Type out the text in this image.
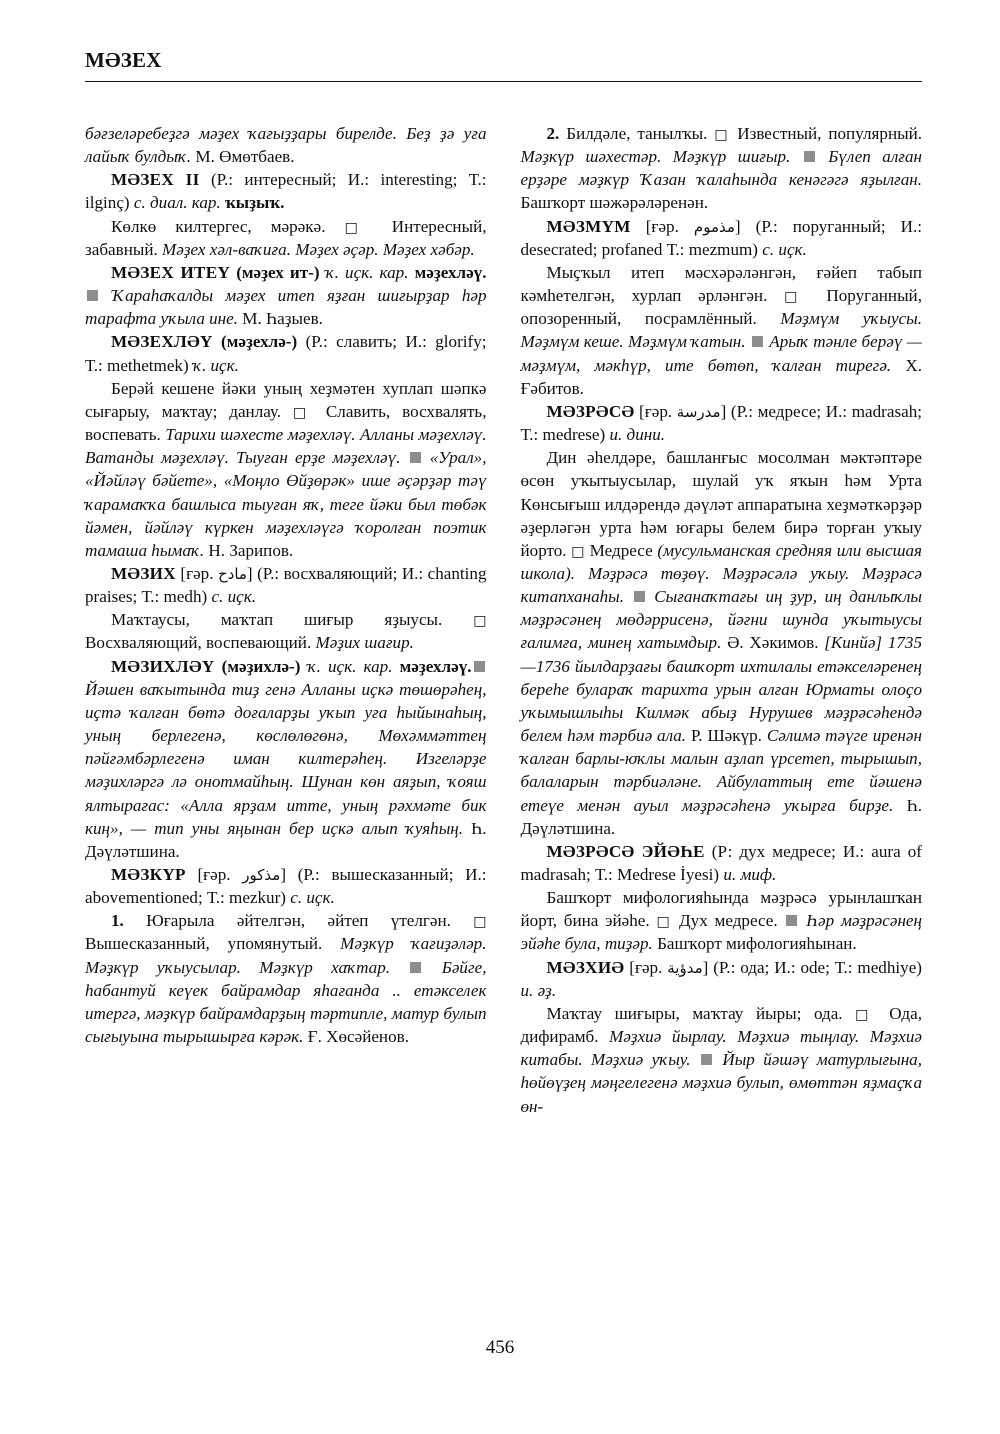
МӘЗЕХ

бәғзеләребеҙгә мәҙех ҡағыҙҙары бирелде. Беҙ ҙә уға лайыҡ булдыҡ. М. Өмөтбаев.

МӘЗЕХ II (Р.: интересный; И.: interesting; Т.: ilginç) с. диал. кар. ҡыҙыҡ.

Көлкө килтергес, мәрәкә. □ Интересный, забавный. Мәҙех хәл-ваҡиға. Мәҙех әҫәр. Мәҙех хәбәр.

МӘЗЕХ ИТЕҮ (мәҙех ит-) ҡ. иҫк. кар. мәҙехләү. Ҡараһаҡалды мәҙех итеп яҙған шиғырҙар һәр тарафта уҡыла ине. М. Һаҙыев.

МӘЗЕХЛӘҮ (мәҙехлә-) (Р.: славить; И.: glorify; Т.: methetmek) ҡ. иҫк.

Берәй кешене йәки уның хеҙмәтен хуплап шәпкә сығарыу, маҡтау; данлау. □ Славить, восхвалять, воспевать. Тарихи шәхесте мәҙехләү. Алланы мәҙехләү. Ватанды мәҙехләү. Тыуған ерҙе мәҙехләү.  «Урал», «Йәйләү бәйете», «Моңло Өйҙөрәк» ише әҫәрҙәр тәү ҡарамаҡҡа башлыса тыуған яҡ, теге йәки был төбәк йәмен, йәйләү күркен мәҙехләүгә ҡоролған поэтик тамаша һымаҡ. Н. Зарипов.

МӘЗИХ [ғәр. مادح] (Р.: восхваляющий; И.: chanting praises; Т.: medh) с. иҫк.

Маҡтаусы, маҡтап шиғыр яҙыусы. □ Восхваляющий, воспевающий. Мәҙих шағир.

МӘЗИХЛӘҮ (мәҙихлә-) ҡ. иҫк. кар. мәҙехләү. Йәшен ваҡытында тиҙ генә Алланы иҫкә төшөрәһең, иҫтә ҡалған бөтә доғаларҙы уҡып уға һыйынаһың, уның берлегенә, көслөлөгөнә, Мөхәммәттең пәйғәмбәрлегенә иман килтерәһең. Изгеләрҙе мәҙихләргә лә онотмайһың. Шунан көн аяҙып, ҡояш ялтырағас: «Алла ярҙам итте, уның рәхмәте бик киң», — тип уны яңынан бер иҫкә алып ҡуяһың. Һ. Дәүләтшина.

МӘЗКҮР [ғәр. مذكور] (Р.: вышесказанный; И.: abovementioned; Т.: mezkur) с. иҫк.

1. Юғарыла әйтелгән, әйтеп үтелгән. □ Вышесказанный, упомянутый. Мәҙкүр ҡағиҙәләр. Мәҙкүр уҡыусылар. Мәҙкүр хаҡтар.  Бәйге, һабантуй кеүек байрамдар яһағанда .. етәкселек итергә, мәҙкүр байрамдарҙың тәртипле, матур булып сығыуына тырышырға кәрәк. Ғ. Хөсәйенов.

2. Билдәле, танылҡы. □ Известный, популярный. Мәҙкүр шәхестәр. Мәҙкүр шиғыр.  Бүлеп алған ерҙәре мәҙкүр Ҡазан ҡалаһында кенәгәгә яҙылған. Башҡорт шәжәрәләренән.

МӘЗМҮМ [ғәр. مذموم] (Р.: поруганный; И.: desecrated; profaned Т.: mezmum) с. иҫк.

Мыҫҡыл итеп мәсхәрәләнгән, ғәйеп табып кәмһетелгән, хурлап әрләнгән. □ Поруганный, опозоренный, посрамлённый. Мәҙмүм уҡыусы. Мәҙмүм кеше. Мәҙмүм ҡатын.  Арыҡ тәнле берәү — мәҙмүм, мәкһүр, ите бөтөп, ҡалған тирегә. Х. Ғәбитов.

МӘЗРӘСӘ [ғәр. مدرسة] (Р.: медресе; И.: madrasah; Т.: medrese) и. дини.

Дин әһелдәре, башланғыс мосолман мәктәптәре өсөн уҡытыусылар, шулай уҡ яҡын һәм Урта Көнсығыш илдәрендә дәүләт аппаратына хеҙмәткәрҙәр әҙерләгән урта һәм юғары белем бирә торған уҡыу йорто. □ Медресе (мусульманская средняя или высшая школа). Мәҙрәсә төҙөү. Мәҙрәсәлә уҡыу. Мәҙрәсә китапханаһы.  Сығанаҡтағы иң ҙур, иң данлыҡлы мәҙрәсәнең мөдәррисенә, йәғни шунда уҡытыусы ғалимға, минең хатымдыр. Ә. Хәкимов. [Кинйә] 1735—1736 йылдарҙағы башҡорт ихтилалы етәкселәренең береһе булараҡ тарихта урын алған Юрматы олоҫо уҡымышлыһы Килмәк абыҙ Нурушев мәҙрәсәһендә белем һәм тәрбиә ала. Р. Шәкүр. Сәлимә тәүге иренән ҡалған барлы-юҡлы малын аҙлап үрсетеп, тырышып, балаларын тәрбиәләне. Айбулаттың ете йәшенә етеүе менән ауыл мәҙрәсәһенә уҡырға бирҙе. Һ. Дәүләтшина.

МӘЗРӘСӘ ЭЙӘҺЕ (Р: дух медресе; И.: aura of madrasah; Т.: Medrese İyesi) и. миф.

Башҡорт мифологияһында мәҙрәсә урынлашҡан йорт, бина эйәһе. □ Дух медресе.  Һәр мәҙрәсәнең эйәһе була, тиҙәр. Башҡорт мифологияһынан.

МӘЗХИӘ [ғәр. مدؤية] (Р.: ода; И.: ode; Т.: medhiye) и. әҙ.

Маҡтау шиғыры, маҡтау йыры; ода. □ Ода, дифирамб. Мәҙхиә йырлау. Мәҙхиә тыңлау. Мәҙхиә китабы. Мәҙхиә уҡыу.  Йыр йәшәү матурлығына, һөйөүҙең мәңгелегенә мәҙхиә булып, өмөттән яҙмаҫҡа өн-

456
